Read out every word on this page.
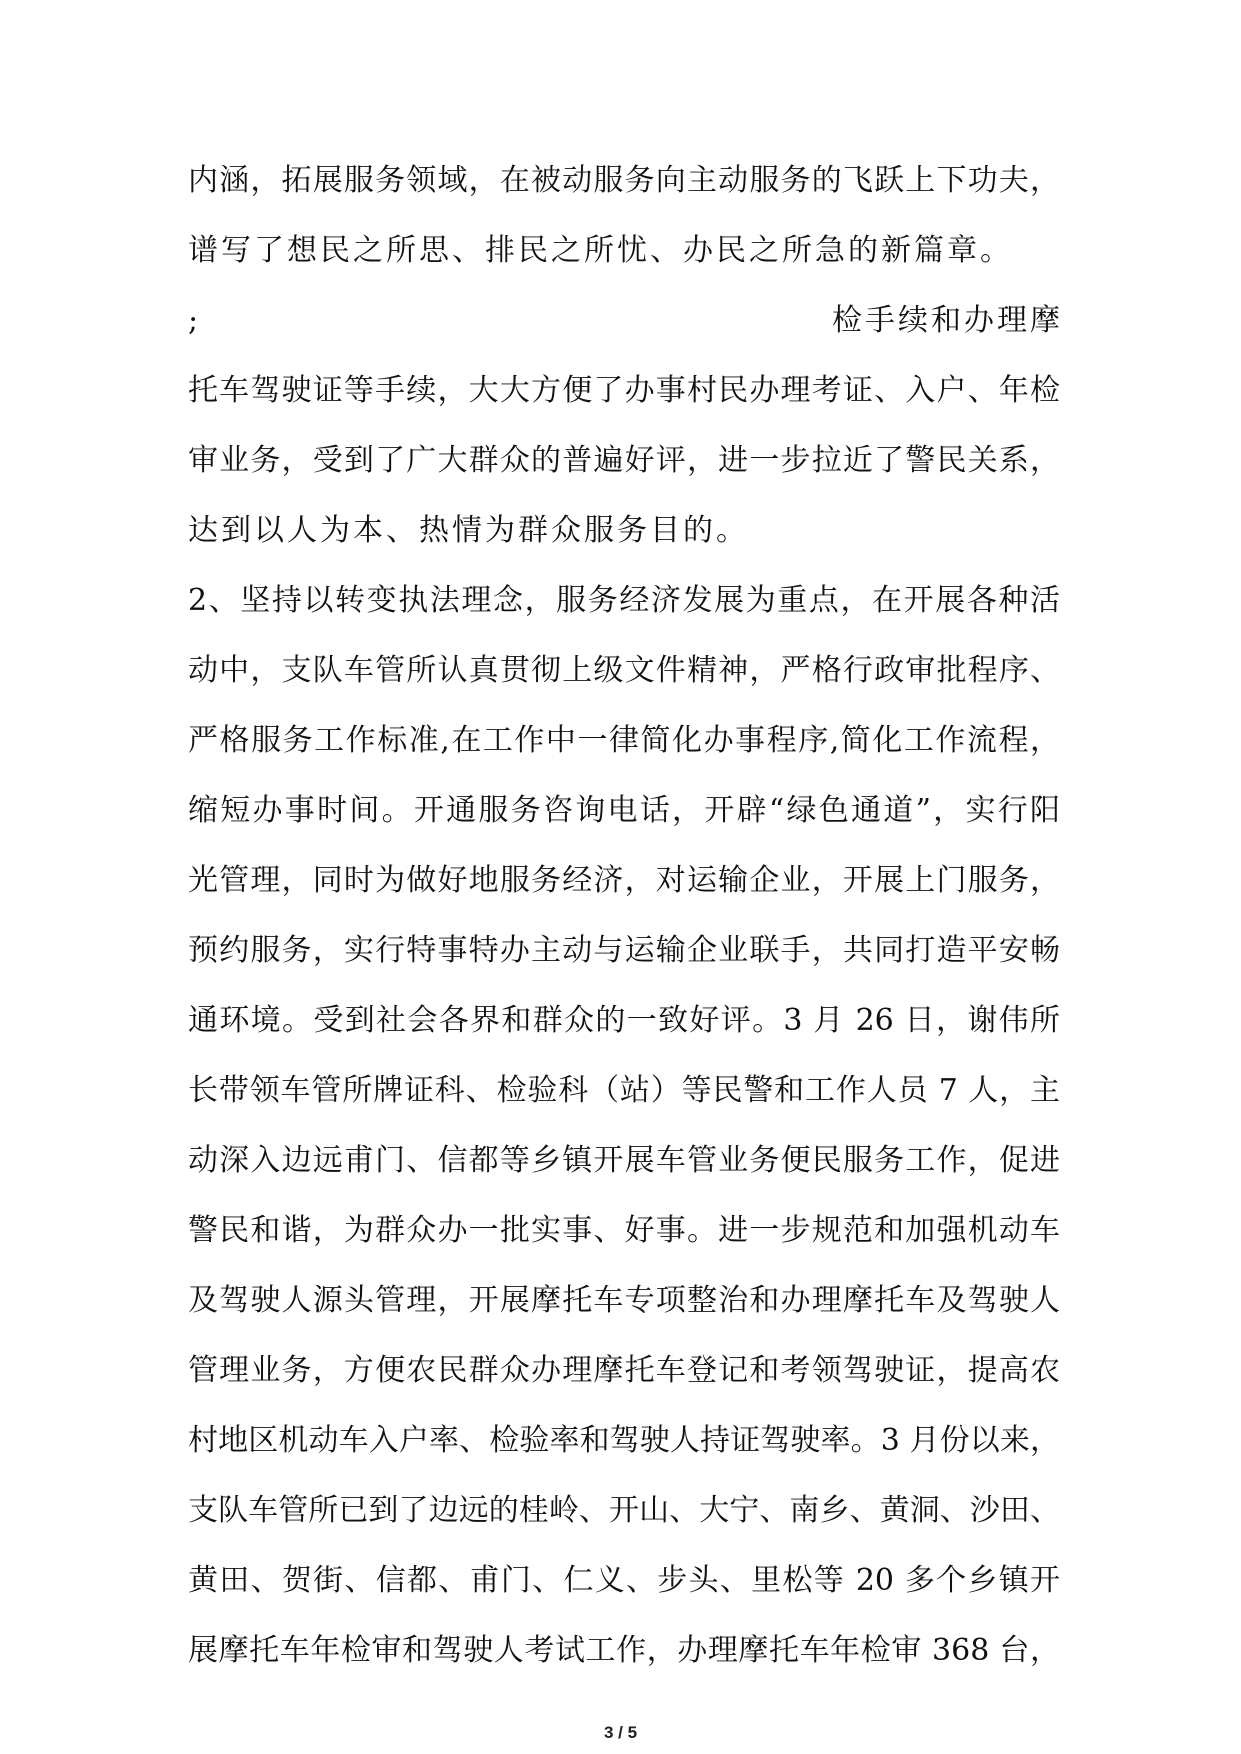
内涵，拓展服务领域，在被动服务向主动服务的飞跃上下功夫，
谱写了想民之所思、排民之所忧、办民之所急的新篇章。
;	检手续和办理摩
托车驾驶证等手续，大大方便了办事村民办理考证、入户、年检
审业务，受到了广大群众的普遍好评，进一步拉近了警民关系，
达到以人为本、热情为群众服务目的。
2、坚持以转变执法理念，服务经济发展为重点，在开展各种活
动中，支队车管所认真贯彻上级文件精神，严格行政审批程序、
严格服务工作标准,在工作中一律简化办事程序,简化工作流程，
缩短办事时间。开通服务咨询电话，开辟“绿色通道”，实行阳
光管理，同时为做好地服务经济，对运输企业，开展上门服务，
预约服务，实行特事特办主动与运输企业联手，共同打造平安畅
通环境。受到社会各界和群众的一致好评。3 月 26 日，谢伟所
长带领车管所牌证科、检验科（站）等民警和工作人员 7 人，主
动深入边远甫门、信都等乡镇开展车管业务便民服务工作，促进
警民和谐，为群众办一批实事、好事。进一步规范和加强机动车
及驾驶人源头管理，开展摩托车专项整治和办理摩托车及驾驶人
管理业务，方便农民群众办理摩托车登记和考领驾驶证，提高农
村地区机动车入户率、检验率和驾驶人持证驾驶率。3 月份以来，
支队车管所已到了边远的桂岭、开山、大宁、南乡、黄洞、沙田、
黄田、贺街、信都、甫门、仁义、步头、里松等 20 多个乡镇开
展摩托车年检审和驾驶人考试工作，办理摩托车年检审 368 台，
3 / 5
